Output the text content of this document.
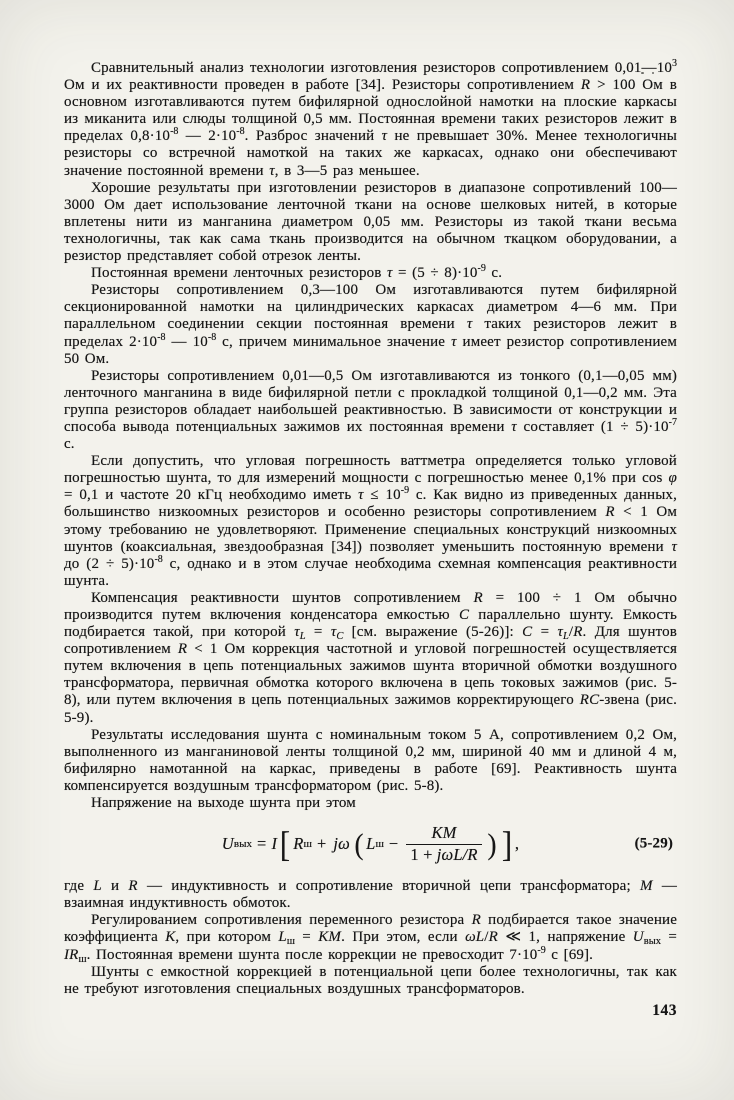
Сравнительный анализ технологии изготовления резисторов сопротивлением $0,01—10^3$ Ом и их реактивности проведен в работе [34]. Резисторы сопротивлением R > 100 Ом в основном изготавливаются путем бифилярной однослойной намотки на плоские каркасы из миканита или слюды толщиной 0,5 мм. Постоянная времени таких резисторов лежит в пределах $0,8\cdot 10^{-8}$ — $2\cdot 10^{-8}$. Разброс значений τ не превышает 30%. Менее технологичны резисторы со встречной намоткой на таких же каркасах, однако они обеспечивают значение постоянной времени τ, в 3—5 раз меньшее.

Хорошие результаты при изготовлении резисторов в диапазоне сопротивлений 100—3000 Ом дает использование ленточной ткани на основе шелковых нитей, в которые вплетены нити из манганина диаметром 0,05 мм. Резисторы из такой ткани весьма технологичны, так как сама ткань производится на обычном ткацком оборудовании, а резистор представляет собой отрезок ленты.

Постоянная времени ленточных резисторов $\tau = (5 \div 8)\cdot 10^{-9}$ с.

Резисторы сопротивлением 0,3—100 Ом изготавливаются путем бифилярной секционированной намотки на цилиндрических каркасах диаметром 4—6 мм. При параллельном соединении секции постоянная времени τ таких резисторов лежит в пределах $2\cdot 10^{-8}$ — $10^{-8}$ с, причем минимальное значение τ имеет резистор сопротивлением 50 Ом.

Резисторы сопротивлением 0,01—0,5 Ом изготавливаются из тонкого (0,1—0,05 мм) ленточного манганина в виде бифилярной петли с прокладкой толщиной 0,1—0,2 мм. Эта группа резисторов обладает наибольшей реактивностью. В зависимости от конструкции и способа вывода потенциальных зажимов их постоянная времени τ составляет $(1 \div 5)\cdot 10^{-7}$ с.

Если допустить, что угловая погрешность ваттметра определяется только угловой погрешностью шунта, то для измерений мощности с погрешностью менее 0,1% при cos φ = 0,1 и частоте 20 кГц необходимо иметь $\tau \le 10^{-9}$ с. Как видно из приведенных данных, большинство низкоомных резисторов и особенно резисторы сопротивлением R < 1 Ом этому требованию не удовлетворяют. Применение специальных конструкций низкоомных шунтов (коаксиальная, звездообразная [34]) позволяет уменьшить постоянную времени τ до $(2 \div 5)\cdot 10^{-8}$ с, однако и в этом случае необходима схемная компенсация реактивности шунта.

Компенсация реактивности шунтов сопротивлением R = 100 ÷ 1 Ом обычно производится путем включения конденсатора емкостью C параллельно шунту. Емкость подбирается такой, при которой $\tau_L = \tau_C$ [см. выражение (5-26)]: $C = \tau_L/R$. Для шунтов сопротивлением R < 1 Ом коррекция частотной и угловой погрешностей осуществляется путем включения в цепь потенциальных зажимов шунта вторичной обмотки воздушного трансформатора, первичная обмотка которого включена в цепь токовых зажимов (рис. 5-8), или путем включения в цепь потенциальных зажимов корректирующего RC-звена (рис. 5-9).

Результаты исследования шунта с номинальным током 5 А, сопротивлением 0,2 Ом, выполненного из манганиновой ленты толщиной 0,2 мм, шириной 40 мм и длиной 4 м, бифилярно намотанной на каркас, приведены в работе [69]. Реактивность шунта компенсируется воздушным трансформатором (рис. 5-8).

Напряжение на выходе шунта при этом

U вых = I [ R ш + jω ( L $ш - \frac{KM}{\text{1 + jωL/R}}$ ) ] ,	(5-29)

где L и R — индуктивность и сопротивление вторичной цепи трансформатора; M — взаимная индуктивность обмоток.

Регулированием сопротивления переменного резистора R подбирается такое значение коэффициента K, при котором $L_ш$ = KM. При этом, если ωL/R ≪ 1, напряжение $U_{вых} = IR_ш$. Постоянная времени шунта после коррекции не превосходит $7\cdot 10^{-9}$ с [69].

Шунты с емкостной коррекцией в потенциальной цепи более технологичны, так как не требуют изготовления специальных воздушных трансформаторов.

143
